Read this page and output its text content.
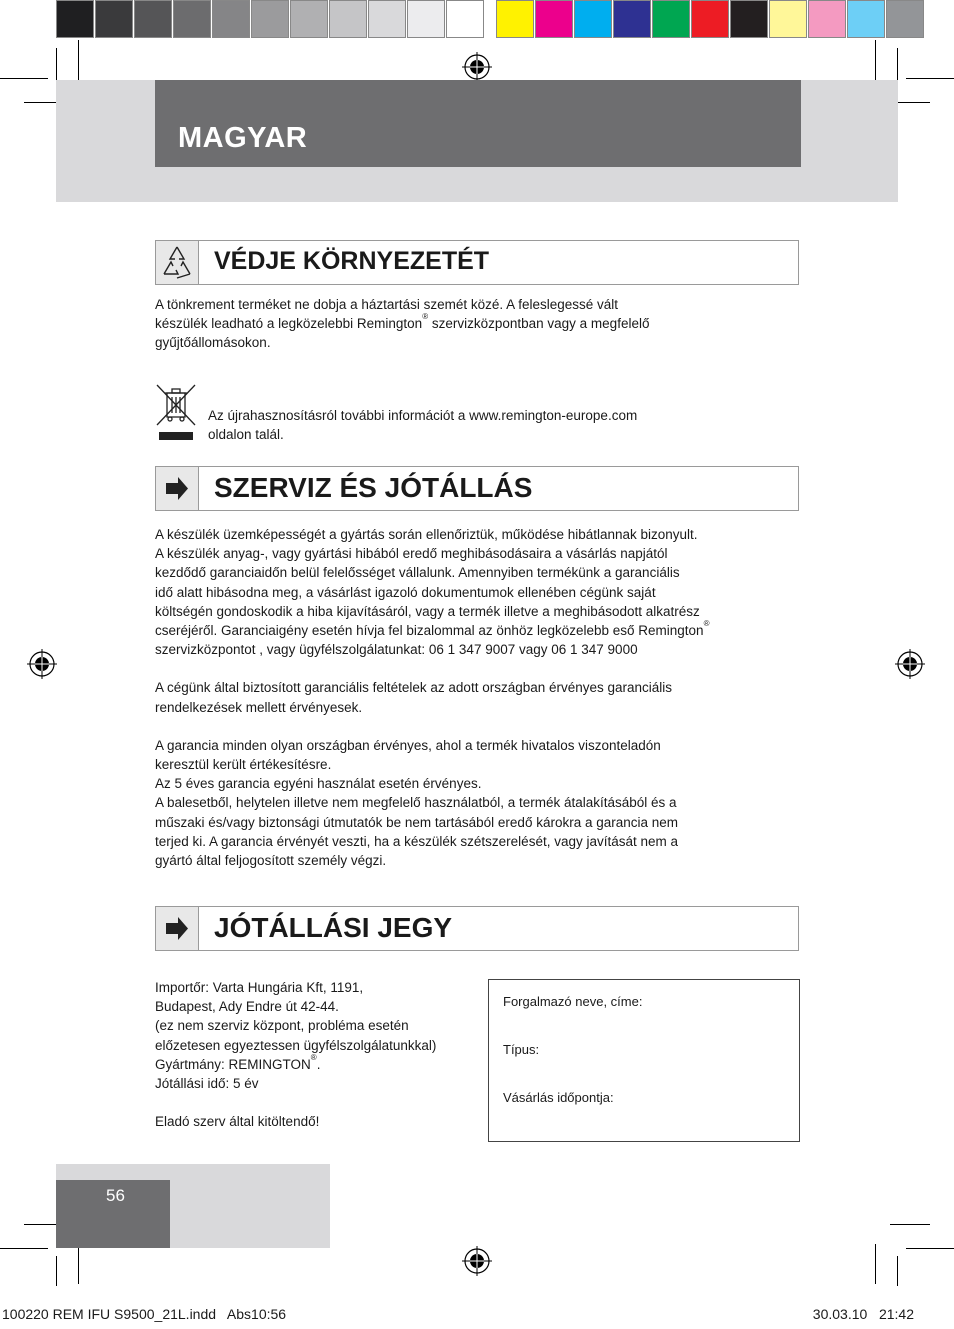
MAGYAR
VÉDJE KÖRNYEZETÉT

A tönkrement terméket ne dobja a háztartási szemét közé. A feleslegessé vált

készülék leadható a legközelebbi Remington® szervizközpontban vagy a megfelelő

gyűjtőállomásokon.

Az újrahasznosításról további információt a www.remington-europe.com

oldalon talál.

SZERVIZ ÉS JÓTÁLLÁS

A készülék üzemképességét a gyártás során ellenőriztük, működése hibátlannak bizonyult.

A készülék anyag-, vagy gyártási hibából eredő meghibásodásaira a vásárlás napjától

kezdődő garanciaidőn belül felelősséget vállalunk. Amennyiben termékünk a garanciális

idő alatt hibásodna meg, a vásárlást igazoló dokumentumok ellenében cégünk saját

költségén gondoskodik a hiba kijavításáról, vagy a termék illetve a meghibásodott alkatrész

cseréjéről. Garanciaigény esetén hívja fel bizalommal az önhöz legközelebb eső Remington®

szervizközpontot , vagy ügyfélszolgálatunkat: 06 1 347 9007 vagy 06 1 347 9000

A cégünk által biztosított garanciális feltételek az adott országban érvényes garanciális

rendelkezések mellett érvényesek.

A garancia minden olyan országban érvényes, ahol a termék hivatalos viszonteladón

keresztül került értékesítésre.

Az 5 éves garancia egyéni használat esetén érvényes.

A balesetből, helytelen illetve nem megfelelő használatból, a termék átalakításából és a

műszaki és/vagy biztonsági útmutatók be nem tartásából eredő károkra a garancia nem

terjed ki. A garancia érvényét veszti, ha a készülék szétszerelését, vagy javítását nem a

gyártó által feljogosított személy végzi.

JÓTÁLLÁSI JEGY

Importőr: Varta Hungária Kft, 1191,

Budapest, Ady Endre út 42-44.

(ez nem szerviz központ, probléma esetén

előzetesen egyeztessen ügyfélszolgálatunkkal)

Gyártmány: REMINGTON®.

Jótállási idő: 5 év

Eladó szerv által kitöltendő!

Forgalmazó neve, címe:
Típus:
Vásárlás időpontja:
56
100220 REM IFU S9500_21L.indd   Abs10:56	30.03.10   21:42
